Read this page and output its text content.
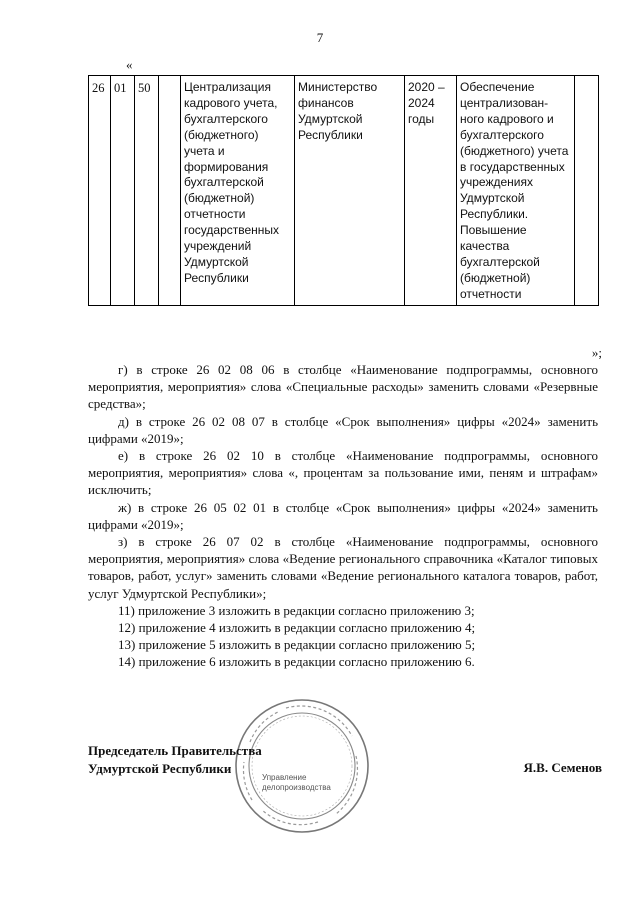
7
«
26	01	50		Централизация кадрового учета, бухгалтерского (бюджетного) учета и формирования бухгалтерской (бюджетной) отчетности государственных учреждений Удмуртской Республики	Министерство финансов Удмуртской Республики	2020 – 2024 годы	Обеспечение централизован-ного кадрового и бухгалтерского (бюджетного) учета в государственных учреждениях Удмуртской Республики. Повышение качества бухгалтерской (бюджетной) отчетности	
»;

г) в строке 26 02 08 06 в столбце «Наименование подпрограммы, основного мероприятия, мероприятия» слова «Специальные расходы» заменить словами «Резервные средства»;

д) в строке 26 02 08 07 в столбце «Срок выполнения» цифры «2024» заменить цифрами «2019»;

е) в строке 26 02 10 в столбце «Наименование подпрограммы, основного мероприятия, мероприятия» слова «, процентам за пользование ими, пеням и штрафам» исключить;

ж) в строке 26 05 02 01 в столбце «Срок выполнения» цифры «2024» заменить цифрами «2019»;

з) в строке 26 07 02 в столбце «Наименование подпрограммы, основного мероприятия, мероприятия» слова «Ведение регионального справочника «Каталог типовых товаров, работ, услуг» заменить словами «Ведение регионального каталога товаров, работ, услуг Удмуртской Республики»;

11) приложение 3 изложить в редакции согласно приложению 3;

12) приложение 4 изложить в редакции согласно приложению 4;

13) приложение 5 изложить в редакции согласно приложению 5;

14) приложение 6 изложить в редакции согласно приложению 6.

Управление
делопроизводства
Председатель Правительства
Удмуртской Республики	Я.В. Семенов
